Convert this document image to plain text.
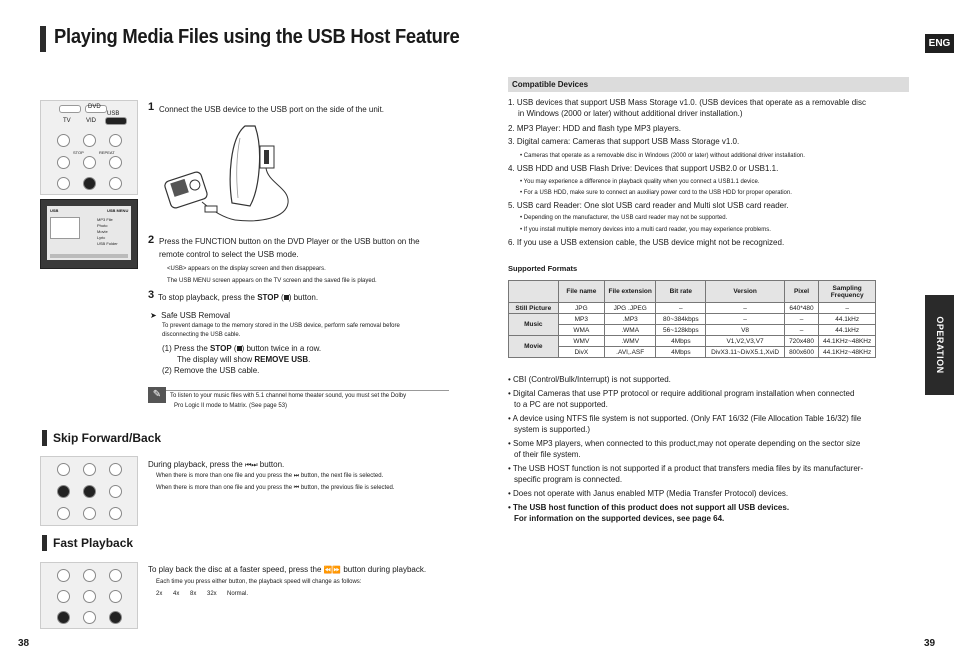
Playing Media Files using the USB Host Feature	ENG
OPERATION
DVD
USB
TV	VID
STOP	REPEAT
USB	USB MENU
MP3 File
Photo
Movie
Lyric
USB Folder
1 Connect the USB device to the USB port on the side of the unit.
2 Press the FUNCTION button on the DVD Player or the USB button on the
remote control to select the USB mode.
<USB> appears on the display screen and then disappears.
The USB MENU screen appears on the TV screen and the saved file is played.
3 To stop playback, press the STOP ( ) button.
➤ Safe USB Removal
To prevent damage to the memory stored in the USB device, perform safe removal before
disconnecting the USB cable.
(1) Press the STOP ( ) button twice in a row.
The display will show REMOVE USB.
(2) Remove the USB cable.
✎	To listen to your music files with 5.1 channel home theater sound, you must set the Dolby
Pro Logic II mode to Matrix. (See page 53)
Skip Forward/Back
During playback, press the ⏮⏭ button.
When there is more than one file and you press the ⏭ button, the next file is selected.
When there is more than one file and you press the ⏮ button, the previous file is selected.
Fast Playback
To play back the disc at a faster speed, press the ⏪⏩ button during playback.
Each time you press either button, the playback speed will change as follows:
2x 4x 8x 32x Normal.
38	39
Compatible Devices
1. USB devices that support USB Mass Storage v1.0. (USB devices that operate as a removable disc
in Windows (2000 or later) without additional driver installation.)
2. MP3 Player: HDD and flash type MP3 players.
3. Digital camera: Cameras that support USB Mass Storage v1.0.
• Cameras that operate as a removable disc in Windows (2000 or later) without additional driver installation.
4. USB HDD and USB Flash Drive: Devices that support USB2.0 or USB1.1.
• You may experience a difference in playback quality when you connect a USB1.1 device.
• For a USB HDD, make sure to connect an auxiliary power cord to the USB HDD for proper operation.
5. USB card Reader: One slot USB card reader and Multi slot USB card reader.
• Depending on the manufacturer, the USB card reader may not be supported.
• If you install multiple memory devices into a multi card reader, you may experience problems.
6. If you use a USB extension cable, the USB device might not be recognized.
Supported Formats
	File name	File extension	Bit rate	Version	Pixel	Sampling Frequency
Still Picture	JPG	JPG .JPEG	–	–	640*480	–
Music	MP3	.MP3	80~384kbps	–	–	44.1kHz
	WMA	.WMA	56~128kbps	V8	–	44.1kHz
Movie	WMV	.WMV	4Mbps	V1,V2,V3,V7	720x480	44.1KHz~48KHz
	DivX	.AVI,.ASF	4Mbps	DivX3.11~DivX5.1,XviD	800x600	44.1KHz~48KHz
• CBI (Control/Bulk/Interrupt) is not supported.
• Digital Cameras that use PTP protocol or require additional program installation when connected
to a PC are not supported.
• A device using NTFS file system is not supported. (Only FAT 16/32 (File Allocation Table 16/32) file
system is supported.)
• Some MP3 players, when connected to this product,may not operate depending on the sector size
of their file system.
• The USB HOST function is not supported if a product that transfers media files by its manufacturer-
specific program is connected.
• Does not operate with Janus enabled MTP (Media Transfer Protocol) devices.
• The USB host function of this product does not support all USB devices.
For information on the supported devices, see page 64.
